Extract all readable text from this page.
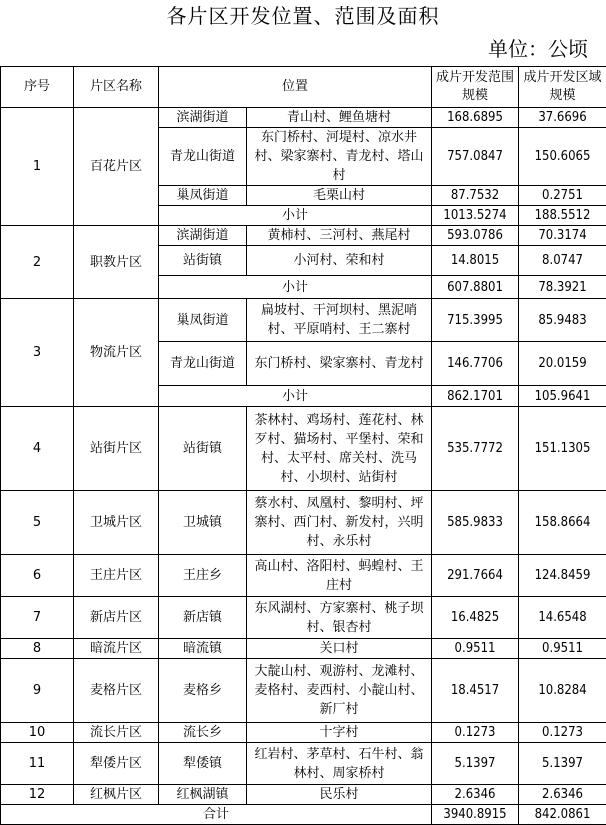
各片区开发位置、范围及面积
单位：公顷
序号	片区名称	位置		成片开发范围规模	成片开发区域规模
1	百花片区	滨湖街道	青山村、鲤鱼塘村	168.6895	37.6696
		青龙山街道	东门桥村、河堤村、凉水井村、梁家寨村、青龙村、塔山村	757.0847	150.6065
		巢凤街道	毛栗山村	87.7532	0.2751
		小计		1013.5274	188.5512
2	职教片区	滨湖街道	黄柿村、三河村、燕尾村	593.0786	70.3174
		站街镇	小河村、荣和村	14.8015	8.0747
		小计		607.8801	78.3921
3	物流片区	巢凤街道	扁坡村、干河坝村、黑泥哨村、平原哨村、王二寨村	715.3995	85.9483
		青龙山街道	东门桥村、梁家寨村、青龙村	146.7706	20.0159
		小计		862.1701	105.9641
4	站街片区	站街镇	茶林村、鸡场村、莲花村、林歹村、猫场村、平堡村、荣和村、太平村、席关村、洗马村、小坝村、站街村	535.7772	151.1305
5	卫城片区	卫城镇	蔡水村、凤凰村、黎明村、坪寨村、西门村、新发村，兴明村、永乐村	585.9833	158.8664
6	王庄片区	王庄乡	高山村、洛阳村、蚂蝗村、王庄村	291.7664	124.8459
7	新店片区	新店镇	东风湖村、方家寨村、桃子坝村、银杏村	16.4825	14.6548
8	暗流片区	暗流镇	关口村	0.9511	0.9511
9	麦格片区	麦格乡	大靛山村、观游村、龙滩村、麦格村、麦西村、小靛山村、新厂村	18.4517	10.8284
10	流长片区	流长乡	十字村	0.1273	0.1273
11	犁倭片区	犁倭镇	红岩村、茅草村、石牛村、翁林村、周家桥村	5.1397	5.1397
12	红枫片区	红枫湖镇	民乐村	2.6346	2.6346
合计				3940.8915	842.0861
